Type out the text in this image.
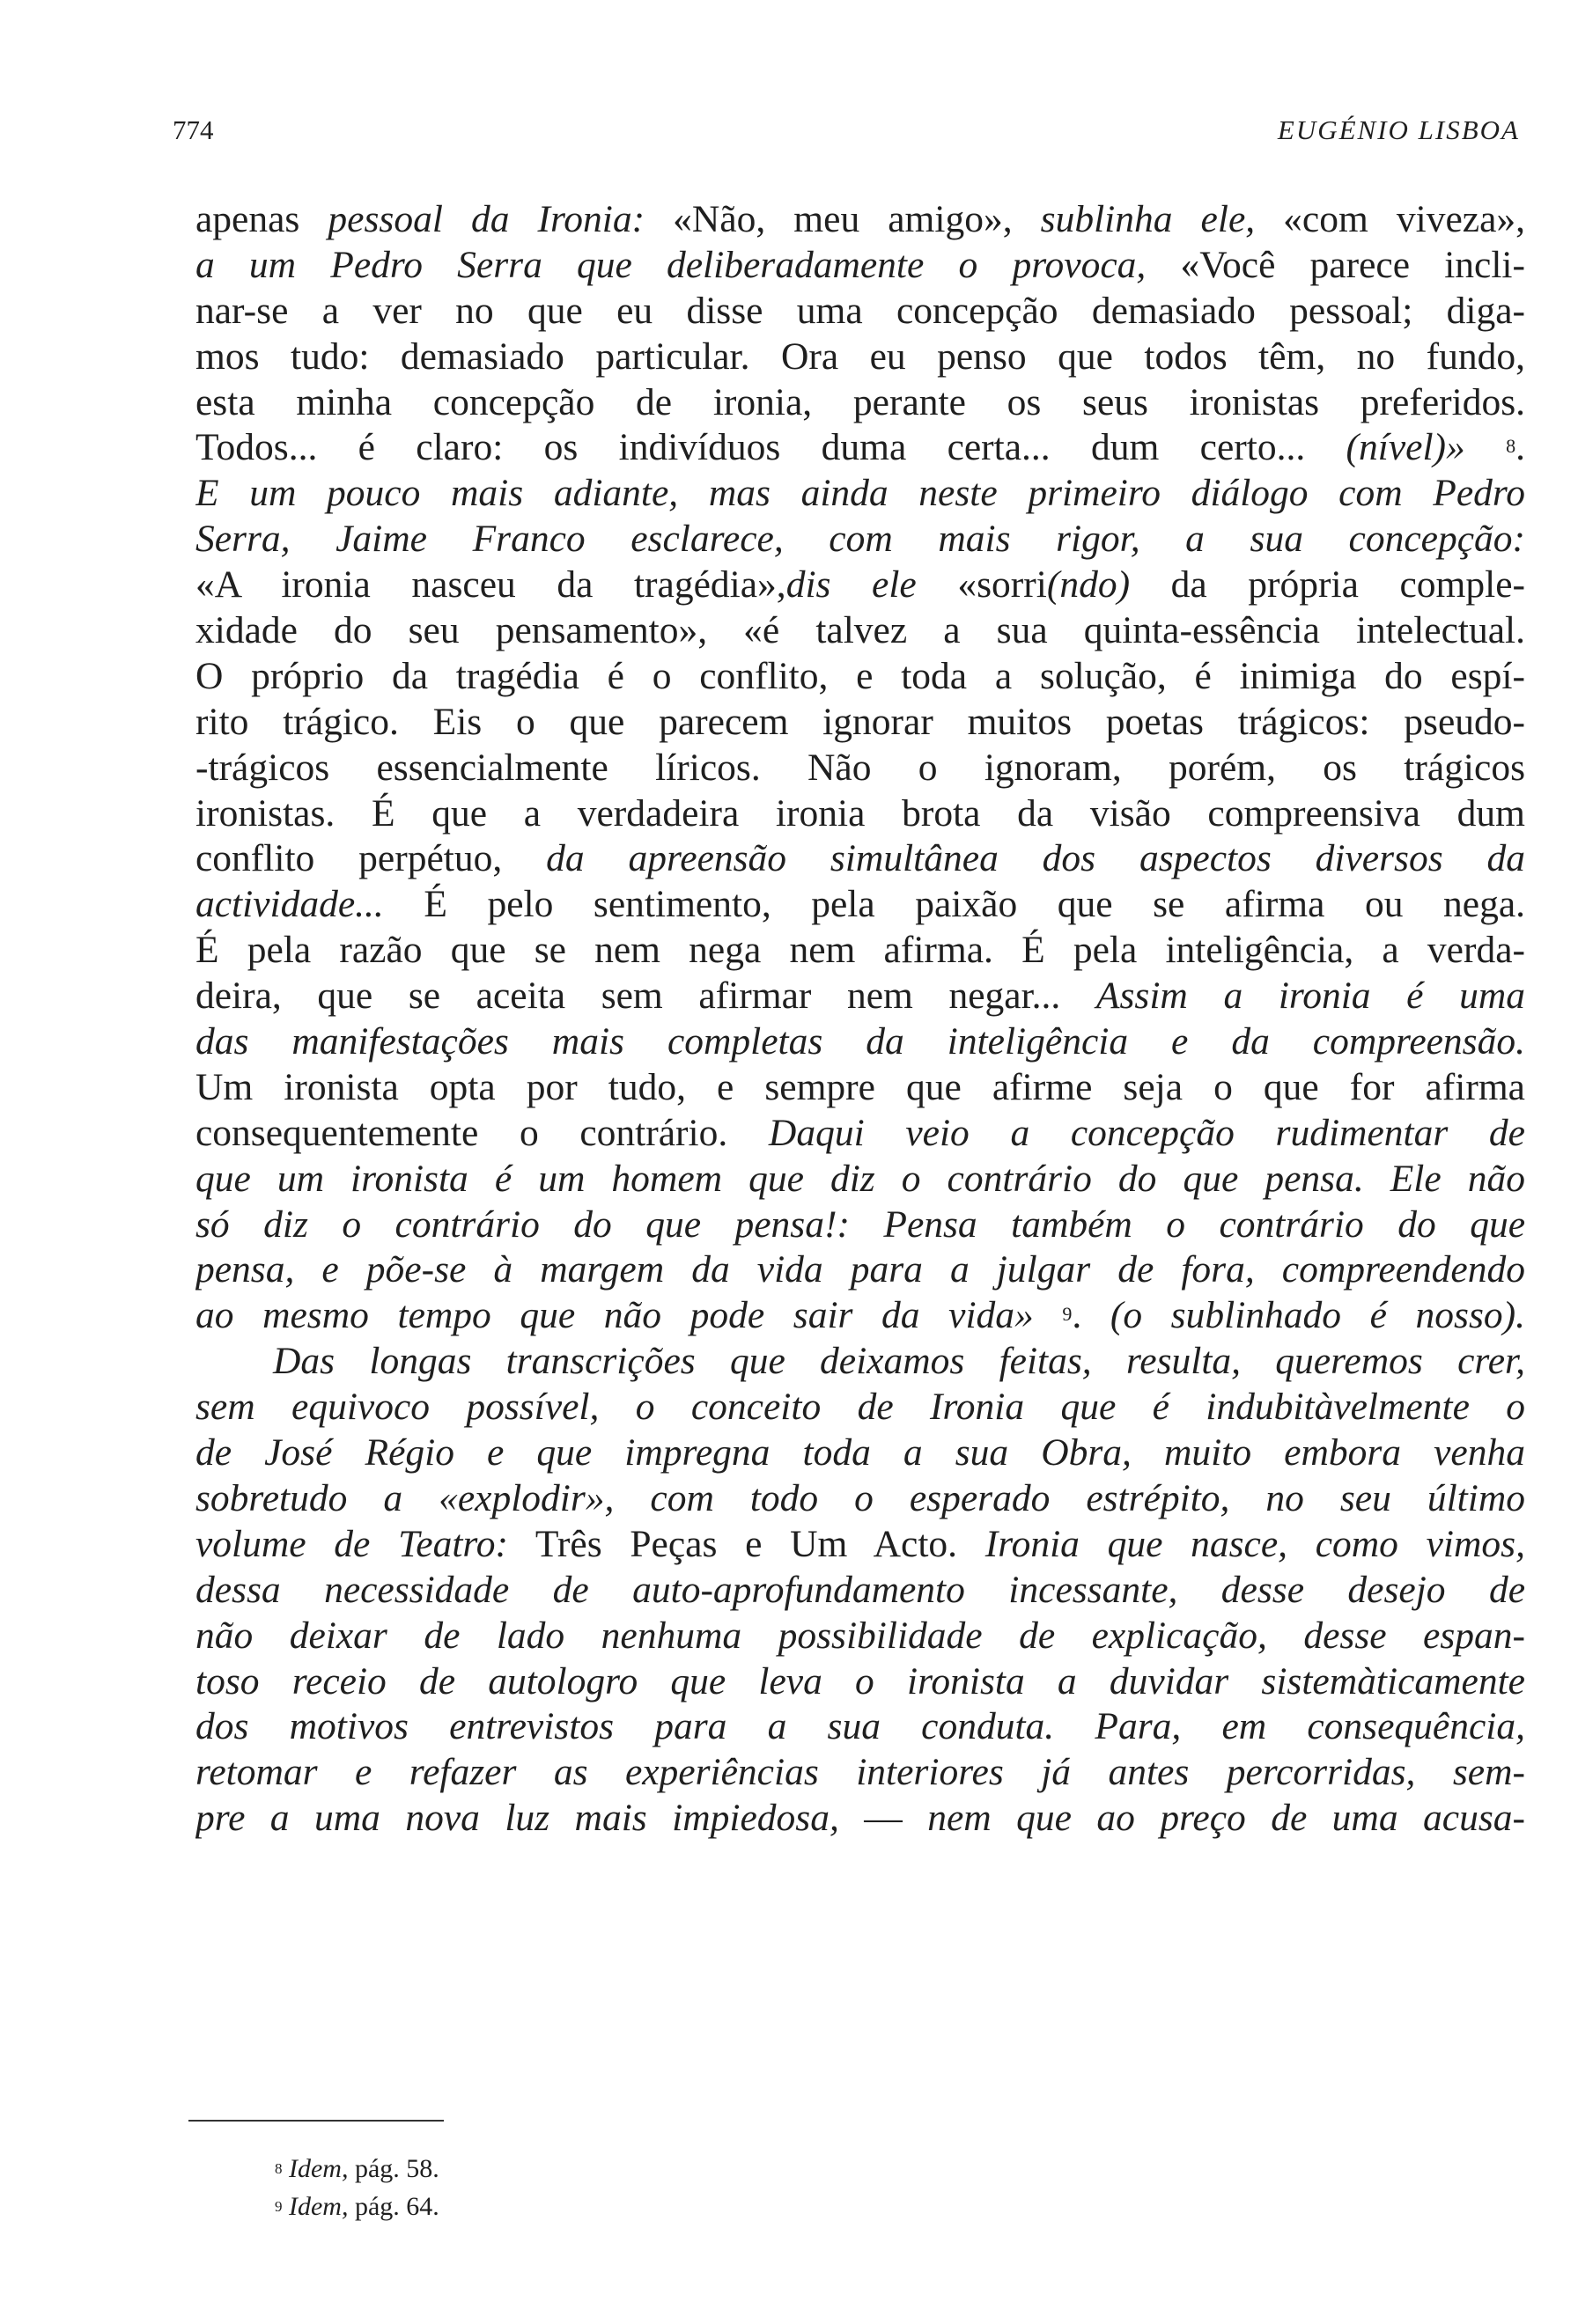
774	EUGÉNIO LISBOA
apenas pessoal da Ironia: «Não, meu amigo», sublinha ele, «com viveza»,
a um Pedro Serra que deliberadamente o provoca, «Você parece incli-
nar-se a ver no que eu disse uma concepção demasiado pessoal; diga-
mos tudo: demasiado particular. Ora eu penso que todos têm, no fundo,
esta minha concepção de ironia, perante os seus ironistas preferidos.
Todos... é claro: os indivíduos duma certa... dum certo... (nível)» $^8$.
E um pouco mais adiante, mas ainda neste primeiro diálogo com Pedro
Serra, Jaime Franco esclarece, com mais rigor, a sua concepção:
«A ironia nasceu da tragédia»,dis ele «sorri(ndo) da própria comple-
xidade do seu pensamento», «é talvez a sua quinta-essência intelectual.
O próprio da tragédia é o conflito, e toda a solução, é inimiga do espí-
rito trágico. Eis o que parecem ignorar muitos poetas trágicos: pseudo-
-trágicos essencialmente líricos. Não o ignoram, porém, os trágicos
ironistas. É que a verdadeira ironia brota da visão compreensiva dum
conflito perpétuo, da apreensão simultânea dos aspectos diversos da
actividade... É pelo sentimento, pela paixão que se afirma ou nega.
É pela razão que se nem nega nem afirma. É pela inteligência, a verda-
deira, que se aceita sem afirmar nem negar... Assim a ironia é uma
das manifestações mais completas da inteligência e da compreensão.
Um ironista opta por tudo, e sempre que afirme seja o que for afirma
consequentemente o contrário. Daqui veio a concepção rudimentar de
que um ironista é um homem que diz o contrário do que pensa. Ele não
só diz o contrário do que pensa!: Pensa também o contrário do que
pensa, e põe-se à margem da vida para a julgar de fora, compreendendo
ao mesmo tempo que não pode sair da vida» $^9$. (o sublinhado é nosso).
Das longas transcrições que deixamos feitas, resulta, queremos crer,
sem equivoco possível, o conceito de Ironia que é indubitàvelmente o
de José Régio e que impregna toda a sua Obra, muito embora venha
sobretudo a «explodir», com todo o esperado estrépito, no seu último
volume de Teatro: Três Peças e Um Acto. Ironia que nasce, como vimos,
dessa necessidade de auto-aprofundamento incessante, desse desejo de
não deixar de lado nenhuma possibilidade de explicação, desse espan-
toso receio de autologro que leva o ironista a duvidar sistemàticamente
dos motivos entrevistos para a sua conduta. Para, em consequência,
retomar e refazer as experiências interiores já antes percorridas, sem-
pre a uma nova luz mais impiedosa, — nem que ao preço de uma acusa-
$^8$ Idem, pág. 58.
$^9$ Idem, pág. 64.
